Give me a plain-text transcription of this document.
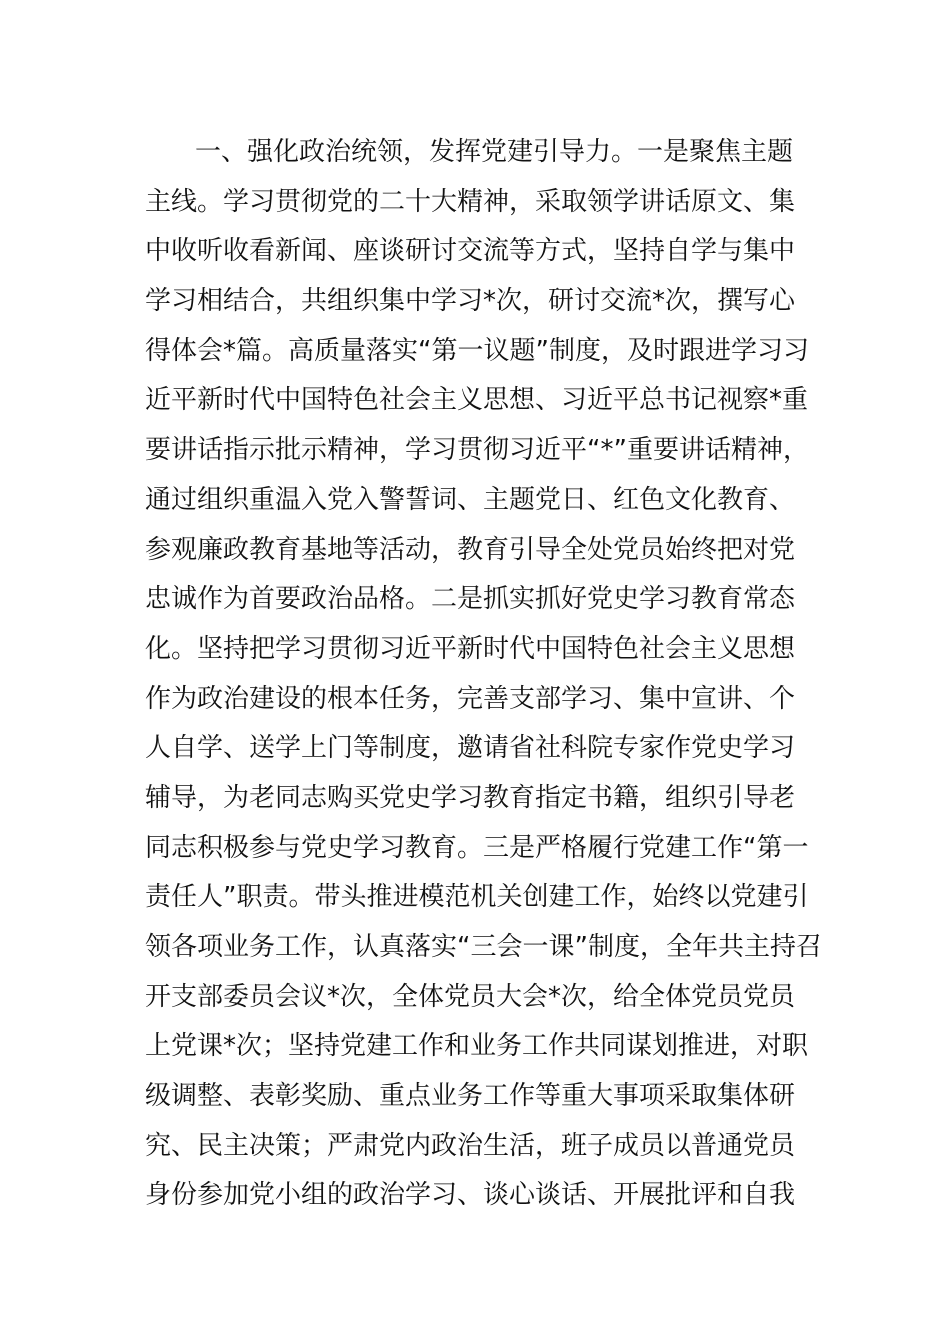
一、强化政治统领，发挥党建引导力。一是聚焦主题
主线。学习贯彻党的二十大精神，采取领学讲话原文、集
中收听收看新闻、座谈研讨交流等方式，坚持自学与集中
学习相结合，共组织集中学习*次，研讨交流*次，撰写心
得体会*篇。高质量落实“第一议题”制度，及时跟进学习习
近平新时代中国特色社会主义思想、习近平总书记视察*重
要讲话指示批示精神，学习贯彻习近平“*”重要讲话精神，
通过组织重温入党入警誓词、主题党日、红色文化教育、
参观廉政教育基地等活动，教育引导全处党员始终把对党
忠诚作为首要政治品格。二是抓实抓好党史学习教育常态
化。坚持把学习贯彻习近平新时代中国特色社会主义思想
作为政治建设的根本任务，完善支部学习、集中宣讲、个
人自学、送学上门等制度，邀请省社科院专家作党史学习
辅导，为老同志购买党史学习教育指定书籍，组织引导老
同志积极参与党史学习教育。三是严格履行党建工作“第一
责任人”职责。带头推进模范机关创建工作，始终以党建引
领各项业务工作，认真落实“三会一课”制度，全年共主持召
开支部委员会议*次，全体党员大会*次，给全体党员党员
上党课*次；坚持党建工作和业务工作共同谋划推进，对职
级调整、表彰奖励、重点业务工作等重大事项采取集体研
究、民主决策；严肃党内政治生活，班子成员以普通党员
身份参加党小组的政治学习、谈心谈话、开展批评和自我
